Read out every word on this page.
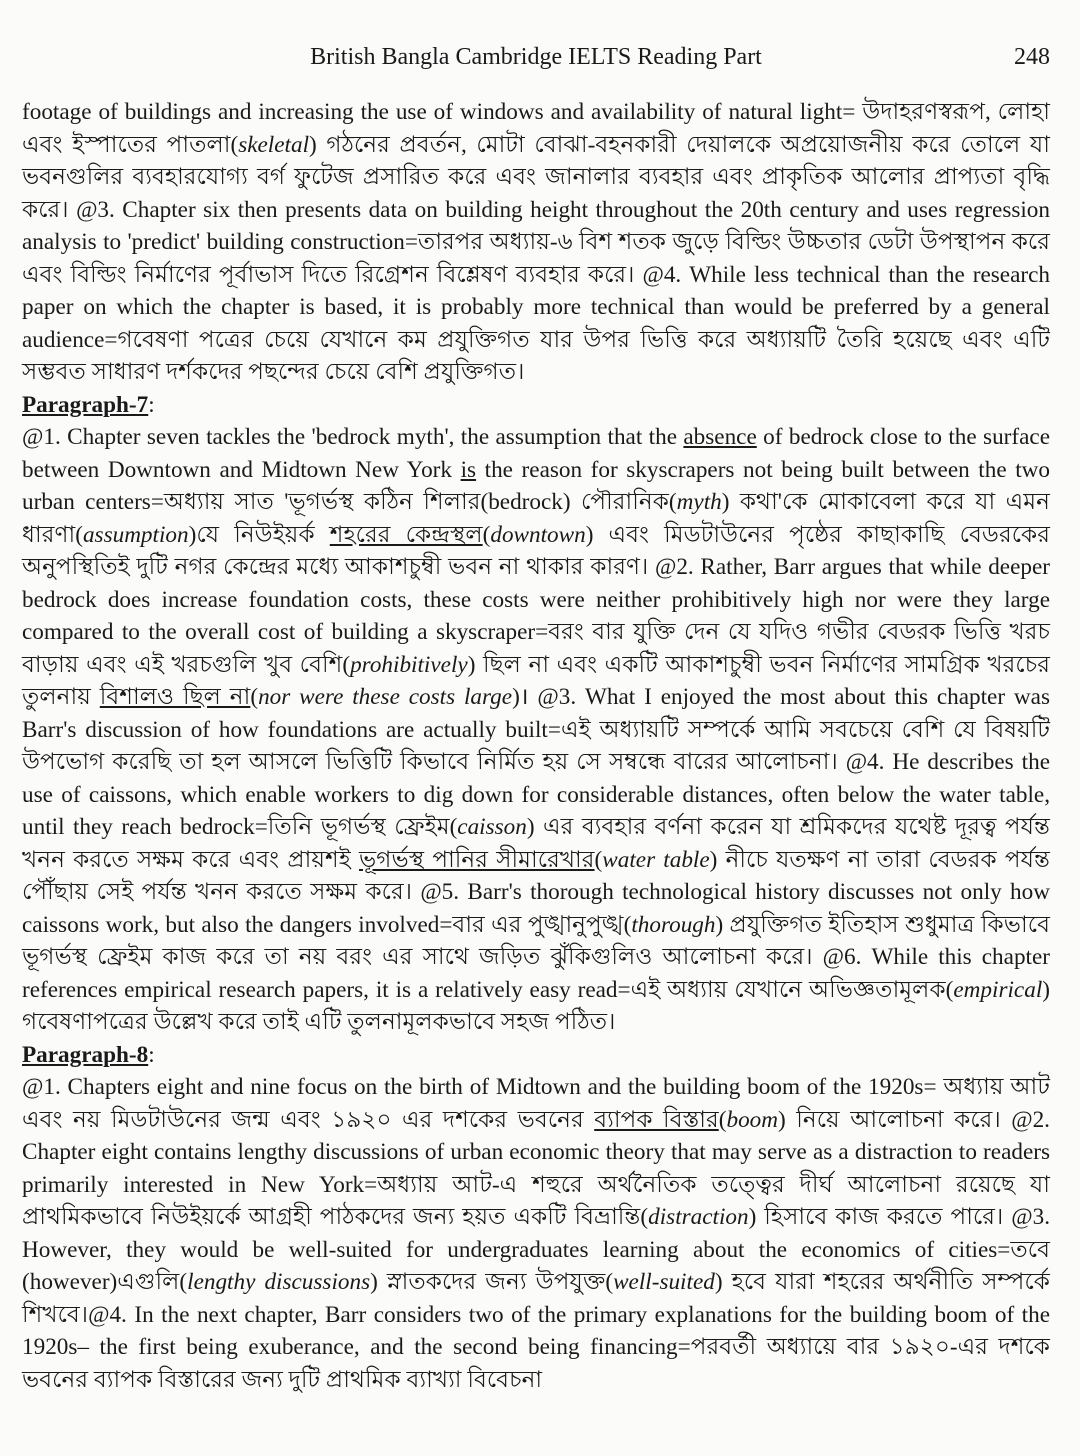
British Bangla Cambridge IELTS Reading Part	248

footage of buildings and increasing the use of windows and availability of natural light= উদাহরণস্বরূপ, লোহা এবং ইস্পাতের পাতলা(skeletal) গঠনের প্রবর্তন, মোটা বোঝা-বহনকারী দেয়ালকে অপ্রয়োজনীয় করে তোলে যা ভবনগুলির ব্যবহারযোগ্য বর্গ ফুটেজ প্রসারিত করে এবং জানালার ব্যবহার এবং প্রাকৃতিক আলোর প্রাপ্যতা বৃদ্ধি করে। @3. Chapter six then presents data on building height throughout the 20th century and uses regression analysis to 'predict' building construction=তারপর অধ্যায়-৬ বিশ শতক জুড়ে বিল্ডিং উচ্চতার ডেটা উপস্থাপন করে এবং বিল্ডিং নির্মাণের পূর্বাভাস দিতে রিগ্রেশন বিশ্লেষণ ব্যবহার করে। @4. While less technical than the research paper on which the chapter is based, it is probably more technical than would be preferred by a general audience=গবেষণা পত্রের চেয়ে যেখানে কম প্রযুক্তিগত যার উপর ভিত্তি করে অধ্যায়টি তৈরি হয়েছে এবং এটি সম্ভবত সাধারণ দর্শকদের পছন্দের চেয়ে বেশি প্রযুক্তিগত।

Paragraph-7:

@1. Chapter seven tackles the 'bedrock myth', the assumption that the absence of bedrock close to the surface between Downtown and Midtown New York is the reason for skyscrapers not being built between the two urban centers=অধ্যায় সাত 'ভূগর্ভস্থ কঠিন শিলার(bedrock) পৌরানিক(myth) কথা'কে মোকাবেলা করে যা এমন ধারণা(assumption)যে নিউইয়র্ক শহরের কেন্দ্রস্থল(downtown) এবং মিডটাউনের পৃষ্ঠের কাছাকাছি বেডরকের অনুপস্থিতিই দুটি নগর কেন্দ্রের মধ্যে আকাশচুম্বী ভবন না থাকার কারণ। @2. Rather, Barr argues that while deeper bedrock does increase foundation costs, these costs were neither prohibitively high nor were they large compared to the overall cost of building a skyscraper=বরং বার যুক্তি দেন যে যদিও গভীর বেডরক ভিত্তি খরচ বাড়ায় এবং এই খরচগুলি খুব বেশি(prohibitively) ছিল না এবং একটি আকাশচুম্বী ভবন নির্মাণের সামগ্রিক খরচের তুলনায় বিশালও ছিল না(nor were these costs large)। @3. What I enjoyed the most about this chapter was Barr's discussion of how foundations are actually built=এই অধ্যায়টি সম্পর্কে আমি সবচেয়ে বেশি যে বিষয়টি উপভোগ করেছি তা হল আসলে ভিত্তিটি কিভাবে নির্মিত হয় সে সম্বন্ধে বারের আলোচনা। @4. He describes the use of caissons, which enable workers to dig down for considerable distances, often below the water table, until they reach bedrock=তিনি ভূগর্ভস্থ ফ্রেইম(caisson) এর ব্যবহার বর্ণনা করেন যা শ্রমিকদের যথেষ্ট দূরত্ব পর্যন্ত খনন করতে সক্ষম করে এবং প্রায়শই ভূগর্ভস্থ পানির সীমারেখার(water table) নীচে যতক্ষণ না তারা বেডরক পর্যন্ত পৌঁছায় সেই পর্যন্ত খনন করতে সক্ষম করে। @5. Barr's thorough technological history discusses not only how caissons work, but also the dangers involved=বার এর পুঙ্খানুপুঙ্খ(thorough) প্রযুক্তিগত ইতিহাস শুধুমাত্র কিভাবে ভূগর্ভস্থ ফ্রেইম কাজ করে তা নয় বরং এর সাথে জড়িত ঝুঁকিগুলিও আলোচনা করে। @6. While this chapter references empirical research papers, it is a relatively easy read=এই অধ্যায় যেখানে অভিজ্ঞতামূলক(empirical) গবেষণাপত্রের উল্লেখ করে তাই এটি তুলনামূলকভাবে সহজ পঠিত।

Paragraph-8:

@1. Chapters eight and nine focus on the birth of Midtown and the building boom of the 1920s= অধ্যায় আট এবং নয় মিডটাউনের জন্ম এবং ১৯২০ এর দশকের ভবনের ব্যাপক বিস্তার(boom) নিয়ে আলোচনা করে। @2. Chapter eight contains lengthy discussions of urban economic theory that may serve as a distraction to readers primarily interested in New York=অধ্যায় আট-এ শহুরে অর্থনৈতিক তত্ত্বের দীর্ঘ আলোচনা রয়েছে যা প্রাথমিকভাবে নিউইয়র্কে আগ্রহী পাঠকদের জন্য হয়ত একটি বিভ্রান্তি(distraction) হিসাবে কাজ করতে পারে। @3. However, they would be well-suited for undergraduates learning about the economics of cities=তবে (however)এগুলি(lengthy discussions) স্নাতকদের জন্য উপযুক্ত(well-suited) হবে যারা শহরের অর্থনীতি সম্পর্কে শিখবে।@4. In the next chapter, Barr considers two of the primary explanations for the building boom of the 1920s– the first being exuberance, and the second being financing=পরবর্তী অধ্যায়ে বার ১৯২০-এর দশকে ভবনের ব্যাপক বিস্তারের জন্য দুটি প্রাথমিক ব্যাখ্যা বিবেচনা
